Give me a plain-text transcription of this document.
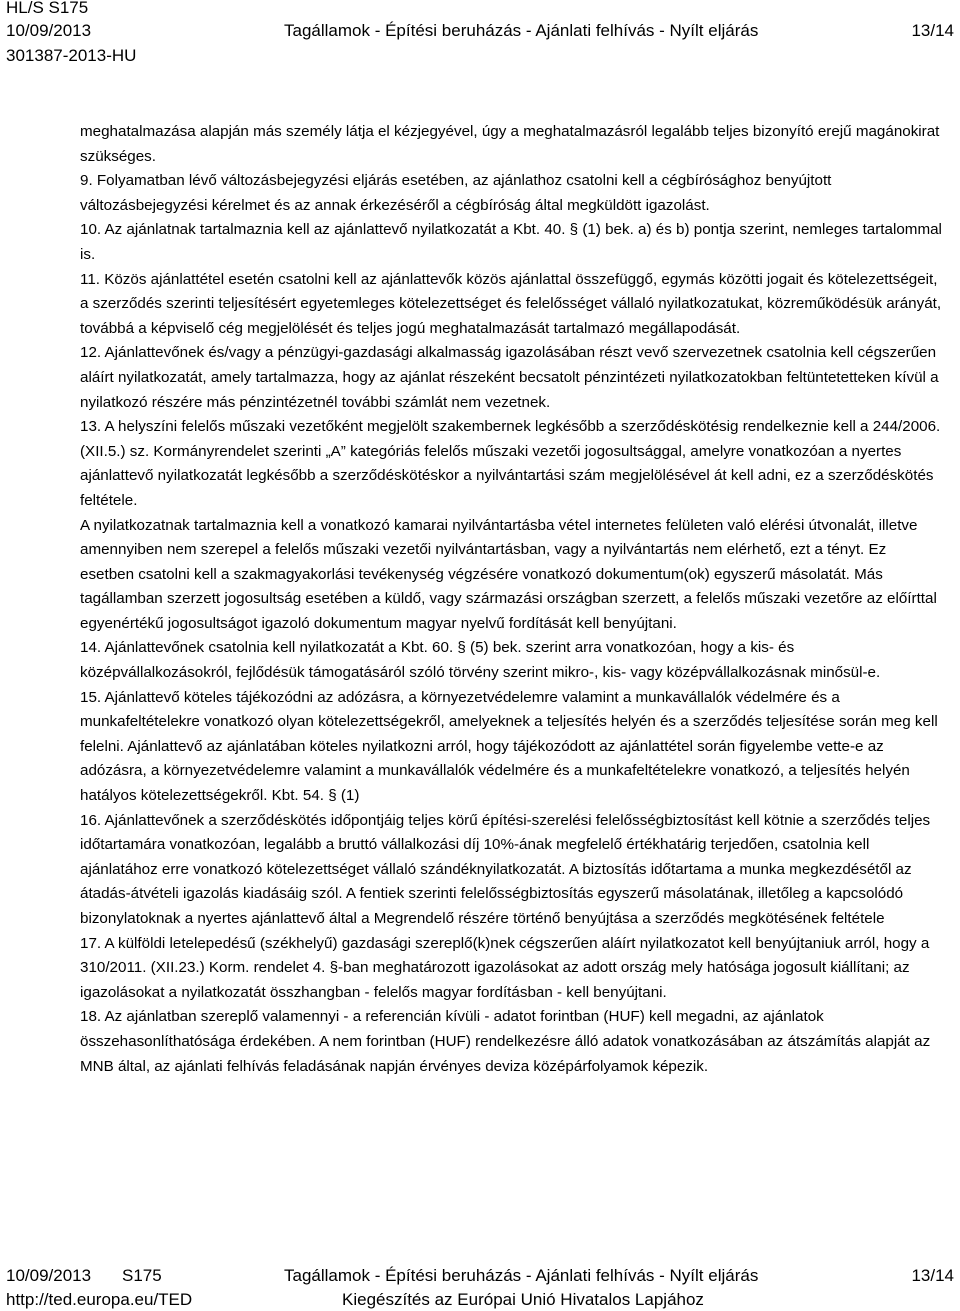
HL/S S175
10/09/2013
301387-2013-HU
Tagállamok - Építési beruházás - Ajánlati felhívás - Nyílt eljárás	13/14

meghatalmazása alapján más személy látja el kézjegyével, úgy a meghatalmazásról legalább teljes bizonyító erejű magánokirat szükséges.

9. Folyamatban lévő változásbejegyzési eljárás esetében, az ajánlathoz csatolni kell a cégbírósághoz benyújtott változásbejegyzési kérelmet és az annak érkezéséről a cégbíróság által megküldött igazolást.

10. Az ajánlatnak tartalmaznia kell az ajánlattevő nyilatkozatát a Kbt. 40. § (1) bek. a) és b) pontja szerint, nemleges tartalommal is.

11. Közös ajánlattétel esetén csatolni kell az ajánlattevők közös ajánlattal összefüggő, egymás közötti jogait és kötelezettségeit, a szerződés szerinti teljesítésért egyetemleges kötelezettséget és felelősséget vállaló nyilatkozatukat, közreműködésük arányát, továbbá a képviselő cég megjelölését és teljes jogú meghatalmazását tartalmazó megállapodását.

12. Ajánlattevőnek és/vagy a pénzügyi-gazdasági alkalmasság igazolásában részt vevő szervezetnek csatolnia kell cégszerűen aláírt nyilatkozatát, amely tartalmazza, hogy az ajánlat részeként becsatolt pénzintézeti nyilatkozatokban feltüntetetteken kívül a nyilatkozó részére más pénzintézetnél további számlát nem vezetnek.

13. A helyszíni felelős műszaki vezetőként megjelölt szakembernek legkésőbb a szerződéskötésig rendelkeznie kell a 244/2006. (XII.5.) sz. Kormányrendelet szerinti „A” kategóriás felelős műszaki vezetői jogosultsággal, amelyre vonatkozóan a nyertes ajánlattevő nyilatkozatát legkésőbb a szerződéskötéskor a nyilvántartási szám megjelölésével át kell adni, ez a szerződéskötés feltétele.

A nyilatkozatnak tartalmaznia kell a vonatkozó kamarai nyilvántartásba vétel internetes felületen való elérési útvonalát, illetve amennyiben nem szerepel a felelős műszaki vezetői nyilvántartásban, vagy a nyilvántartás nem elérhető, ezt a tényt. Ez esetben csatolni kell a szakmagyakorlási tevékenység végzésére vonatkozó dokumentum(ok) egyszerű másolatát. Más tagállamban szerzett jogosultság esetében a küldő, vagy származási országban szerzett, a felelős műszaki vezetőre az előírttal egyenértékű jogosultságot igazoló dokumentum magyar nyelvű fordítását kell benyújtani.

14. Ajánlattevőnek csatolnia kell nyilatkozatát a Kbt. 60. § (5) bek. szerint arra vonatkozóan, hogy a kis- és középvállalkozásokról, fejlődésük támogatásáról szóló törvény szerint mikro-, kis- vagy középvállalkozásnak minősül-e.

15. Ajánlattevő köteles tájékozódni az adózásra, a környezetvédelemre valamint a munkavállalók védelmére és a munkafeltételekre vonatkozó olyan kötelezettségekről, amelyeknek a teljesítés helyén és a szerződés teljesítése során meg kell felelni. Ajánlattevő az ajánlatában köteles nyilatkozni arról, hogy tájékozódott az ajánlattétel során figyelembe vette-e az adózásra, a környezetvédelemre valamint a munkavállalók védelmére és a munkafeltételekre vonatkozó, a teljesítés helyén hatályos kötelezettségekről. Kbt. 54. § (1)

16. Ajánlattevőnek a szerződéskötés időpontjáig teljes körű építési-szerelési felelősségbiztosítást kell kötnie a szerződés teljes időtartamára vonatkozóan, legalább a bruttó vállalkozási díj 10%-ának megfelelő értékhatárig terjedően, csatolnia kell ajánlatához erre vonatkozó kötelezettséget vállaló szándéknyilatkozatát. A biztosítás időtartama a munka megkezdésétől az átadás-átvételi igazolás kiadásáig szól. A fentiek szerinti felelősségbiztosítás egyszerű másolatának, illetőleg a kapcsolódó bizonylatoknak a nyertes ajánlattevő által a Megrendelő részére történő benyújtása a szerződés megkötésének feltétele

17. A külföldi letelepedésű (székhelyű) gazdasági szereplő(k)nek cégszerűen aláírt nyilatkozatot kell benyújtaniuk arról, hogy a 310/2011. (XII.23.) Korm. rendelet 4. §-ban meghatározott igazolásokat az adott ország mely hatósága jogosult kiállítani; az igazolásokat a nyilatkozatát összhangban - felelős magyar fordításban - kell benyújtani.

18. Az ajánlatban szereplő valamennyi - a referencián kívüli - adatot forintban (HUF) kell megadni, az ajánlatok összehasonlíthatósága érdekében. A nem forintban (HUF) rendelkezésre álló adatok vonatkozásában az átszámítás alapját az MNB által, az ajánlati felhívás feladásának napján érvényes deviza középárfolyamok képezik.

10/09/2013 S175	Tagállamok - Építési beruházás - Ajánlati felhívás - Nyílt eljárás	13/14
http://ted.europa.eu/TED	Kiegészítés az Európai Unió Hivatalos Lapjához
